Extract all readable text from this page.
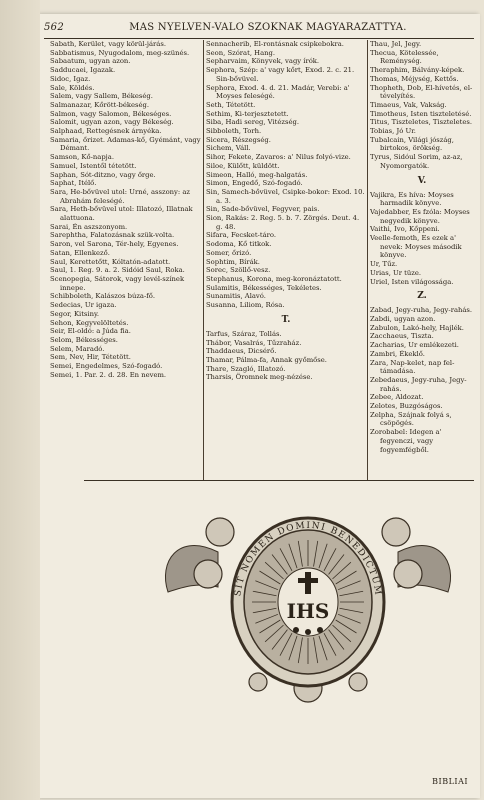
562	MAS NYELVEN-VALO SZOKNAK MAGYARAZATTYA.
Sabath, Kerület, vagy körül-járás.
Sabbatismus, Nyugodalom, meg-szünés.
Sabaatum, ugyan azon.
Sadducaei, Igazak.
Sidoc, Igaz.
Sale, Köldés.
Salem, vagy Sallem, Békeség.
Salmanazar, Kőrött-békeség.
Salmon, vagy Salomon, Békeséges.
Salomit, ugyan azon, vagy Békeség.
Salphaad, Rettegésnek árnyéka.
Samaria, őrizet. Adamas-kő, Gyémánt, vagy Démant.
Samson, Kő-napja.
Samuel, Istentől tétetött.
Saphan, Sót-ditzno, vagy őrge.
Saphat, Itélő.
Sara, He-bővüvel utol: Urné, asszony: az Abrahám feleségé.
Sara, Heth-bővüvel utol: Illatozó, Illatnak alattuona.
Sarai, Én aszszonyom.
Sarephtha, Falatozásnak szük-volta.
Saron, vel Sarona, Tér-hely, Egyenes.
Satan, Ellenkező.
Saul, Kerettetőtt, Kóltatón-adatott.
Saul, 1. Reg. 9. a. 2. Sidóid Saul, Roka.
Scenopegia, Sátorok, vagy levél-színek innepe.
Schibboleth, Kalászos búza-fő.
Sedecias, Ur igaza.
Segor, Kitsiny.
Sehon, Kegyvelöltetés.
Seir, El-oldó: a Júda fia.
Selom, Békességes.
Selem, Maradó.
Sem, Nev, Hir, Tétetött.
Semei, Engedelmes, Szó-fogadó.
Semei, 1. Par. 2. d. 28. En nevem.
Sennacherib, El-rontásnak csipkebokra.
Seon, Szórat, Hang.
Sepharvaim, Könyvek, vagy írók.
Sephora, Szép: a' vagy kőrt, Exod. 2. c. 21. Sin-bővüvel.
Sephora, Exod. 4. d. 21. Madár, Verebi: a' Moyses feleségé.
Seth, Tétetött.
Sethim, Ki-terjesztetett.
Siba, Hadi sereg, Vitézség.
Sibboleth, Torh.
Sicera, Részegség.
Sichem, Váll.
Sihor, Fekete, Zavaros: a' Nilus folyó-vize.
Siloe, Külőtt, küldött.
Simeon, Halló, meg-halgatás.
Simon, Engedő, Szó-fogadó.
Sin, Samech-bővüvel, Csipke-bokor: Exod. 10. a. 3.
Sin, Sade-bővüvel, Fegyver, pais.
Sion, Rakás: 2. Reg. 5. b. 7. Zörgés. Deut. 4. g. 48.
Sifara, Fecsket-táro.
Sodoma, Kő titkok.
Somer, őrizó.
Sophtim, Bírák.
Sorec, Szöllő-vesz.
Stephanus, Korona, meg-koronáztatott.
Sulamitis, Békességes, Tekéletes.
Sunamitis, Alavó.
Susanna, Liliom, Rósa.
T.
Tarfus, Száraz, Tollás.
Thábor, Vasalrás, Tűzraház.
Thaddaeus, Dicsérő.
Thamar, Pálma-fa, Annak győmőse.
Thare, Szagló, Illatozó.
Tharsis, Öromnek meg-nézése.
Thau, Jel, Jegy.
Thecua, Kötelessée, Reménység.
Theraphim, Bálvány-képek.
Thomas, Méjység, Kettős.
Thopheth, Dob, El-hívetés, el-tévelyítés.
Timaeus, Vak, Vakság.
Timotheus, Isten tiszteletésé.
Titus, Tiszteletes, Tiszteletes.
Tobias, Jó Ur.
Tubalcain, Világi jószág, birtokos, örökség.
Tyrus, Sidóul Sorim, az-az, Nyomorgatók.
V.
Vajikra, Es híva: Moyses harmadik könyve.
Vajedabber, Es fzóla: Moyses negyedik könyve.
Vaithi, Ivo, Kőppeni.
Veelle-femoth, Es ezek a' nevek: Moyses második könyve.
Ur, Tűz.
Urias, Ur tüze.
Uriel, Isten világossága.
Z.
Zabad, Jegy-ruha, Jegy-rahás.
Zabdi, ugyan azon.
Zabulon, Lakó-hely, Hajlék.
Zacchaeus, Tiszta.
Zacharias, Ur emlékezeti.
Zambri, Ékeklő.
Zara, Nap-kelet, nap fel-támadása.
Zebedaeus, Jegy-ruha, Jegy-rahás.
Zebee, Aldozat.
Zelotes, Buzgóságos.
Zelpha, Szájnak folyá s, csöpögés.
Zorobabel: Idegen a' fegyenczi, vagy fogyemfégből.
SIT NOMEN DOMINI BENEDICTUM
IHS
BIBLIAI
